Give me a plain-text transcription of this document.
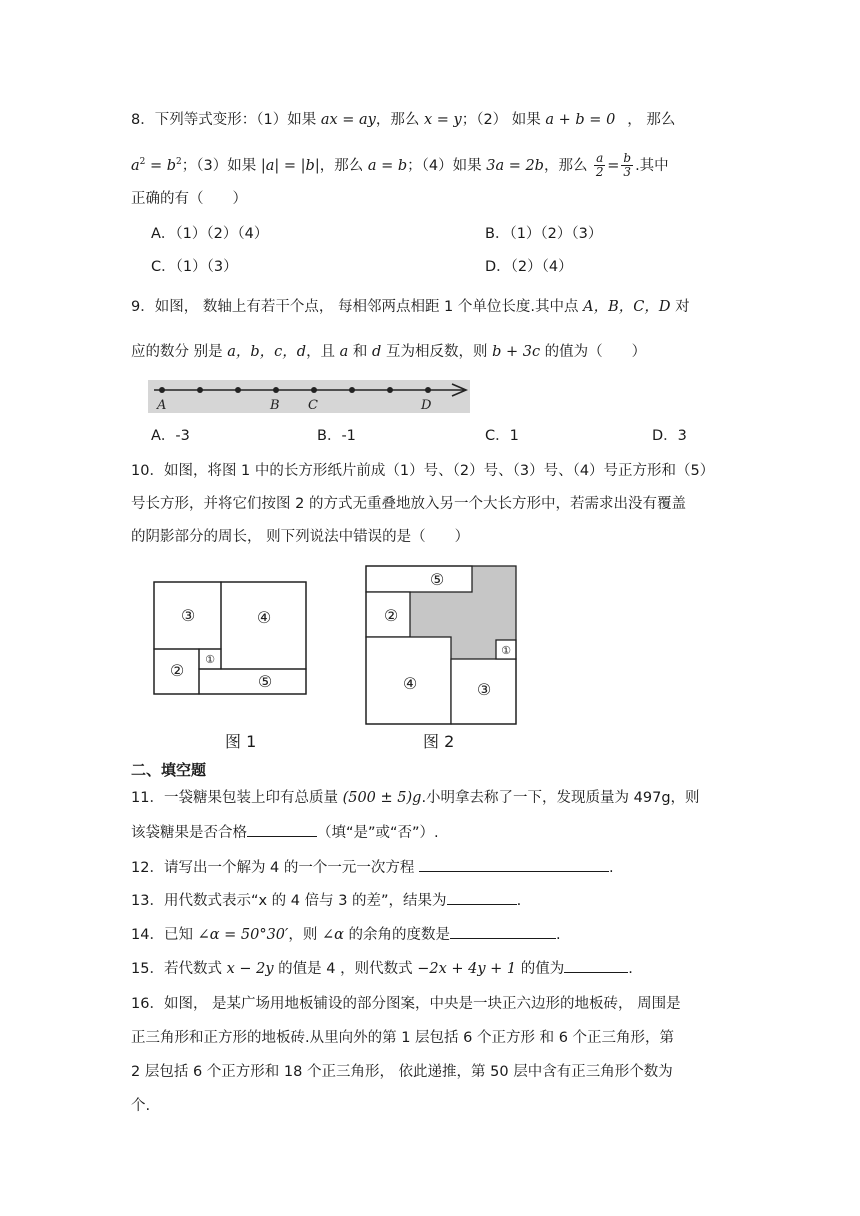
8．下列等式变形：（1）如果 ax = ay，那么 x = y；（2） 如果 a + b = 0 ， 那么
$a^2 = b^2$；（3）如果 |a| = |b|，那么 a = b；（4）如果 3a = 2b，那么 $\frac{a}{2} = \frac{b}{3}$ .其中
正确的有（　　）
A．（1）（2）（4）	B．（1）（2）（3）
C．（1）（3）	D．（2）（4）
9．如图， 数轴上有若干个点， 每相邻两点相距 1 个单位长度.其中点 A，B，C，D 对
应的数分 别是 a，b，c，d，且 a 和 d 互为相反数，则 b + 3c 的值为（　　）
A	B C	D
A．-3	B．-1	C．1	D．3
10．如图，将图 1 中的长方形纸片前成（1）号、（2）号、（3）号、（4）号正方形和（5）
号长方形，并将它们按图 2 的方式无重叠地放入另一个大长方形中，若需求出没有覆盖
的阴影部分的周长， 则下列说法中错误的是（　　）
③	④
②
①
⑤
图 1
⑤
②
④	③
①
图 2
二、填空题
11．一袋糖果包装上印有总质量 (500 ± 5)g.小明拿去称了一下，发现质量为 497g，则
该袋糖果是否合格	（填“是”或“否”）.
12．请写出一个解为 4 的一个一元一次方程	.
13．用代数式表示“x 的 4 倍与 3 的差”，结果为	.
14．已知 ∠α = 50°30′，则 ∠α 的余角的度数是	.
15．若代数式 x − 2y 的值是 4 ，则代数式 −2x + 4y + 1 的值为	.
16．如图， 是某广场用地板铺设的部分图案，中央是一块正六边形的地板砖， 周围是
正三角形和正方形的地板砖.从里向外的第 1 层包括 6 个正方形 和 6 个正三角形，第
2 层包括 6 个正方形和 18 个正三角形， 依此递推，第 50 层中含有正三角形个数为
个.
